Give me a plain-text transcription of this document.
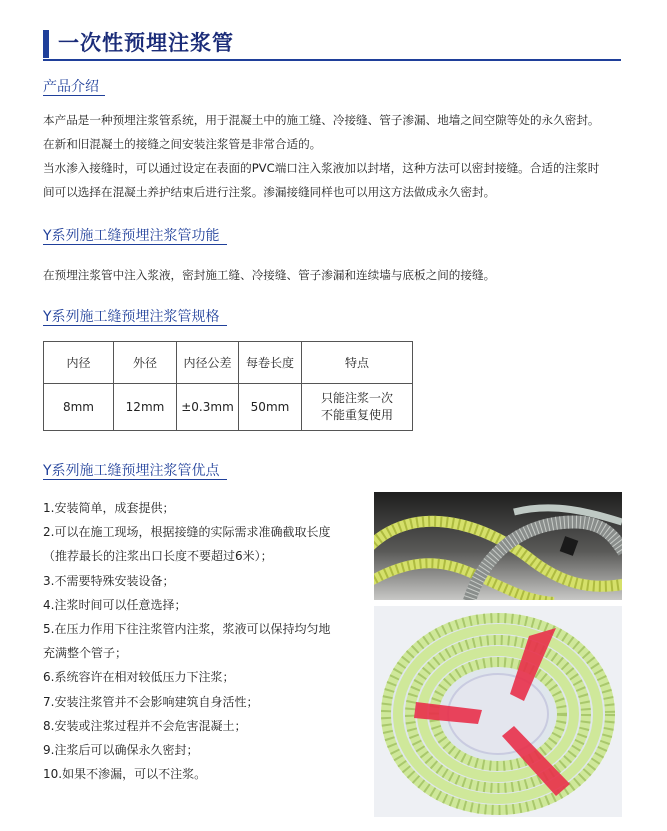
一次性预埋注浆管
产品介绍
本产品是一种预埋注浆管系统，用于混凝土中的施工缝、冷接缝、管子渗漏、地墙之间空隙等处的永久密封。
在新和旧混凝土的接缝之间安装注浆管是非常合适的。
当水渗入接缝时，可以通过设定在表面的PVC端口注入浆液加以封堵，这种方法可以密封接缝。合适的注浆时
间可以选择在混凝土养护结束后进行注浆。渗漏接缝同样也可以用这方法做成永久密封。
Y系列施工缝预埋注浆管功能
在预埋注浆管中注入浆液，密封施工缝、冷接缝、管子渗漏和连续墙与底板之间的接缝。
Y系列施工缝预埋注浆管规格
内径	外径	内径公差	每卷长度	特点
8mm	12mm	±0.3mm	50mm	只能注浆一次
不能重复使用
Y系列施工缝预埋注浆管优点
1.安装简单，成套提供；
2.可以在施工现场，根据接缝的实际需求准确截取长度
（推荐最长的注浆出口长度不要超过6米）；
3.不需要特殊安装设备；
4.注浆时间可以任意选择；
5.在压力作用下往注浆管内注浆，浆液可以保持均匀地
充满整个管子；
6.系统容许在相对较低压力下注浆；
7.安装注浆管并不会影响建筑自身活性；
8.安装或注浆过程并不会危害混凝土；
9.注浆后可以确保永久密封；
10.如果不渗漏，可以不注浆。
